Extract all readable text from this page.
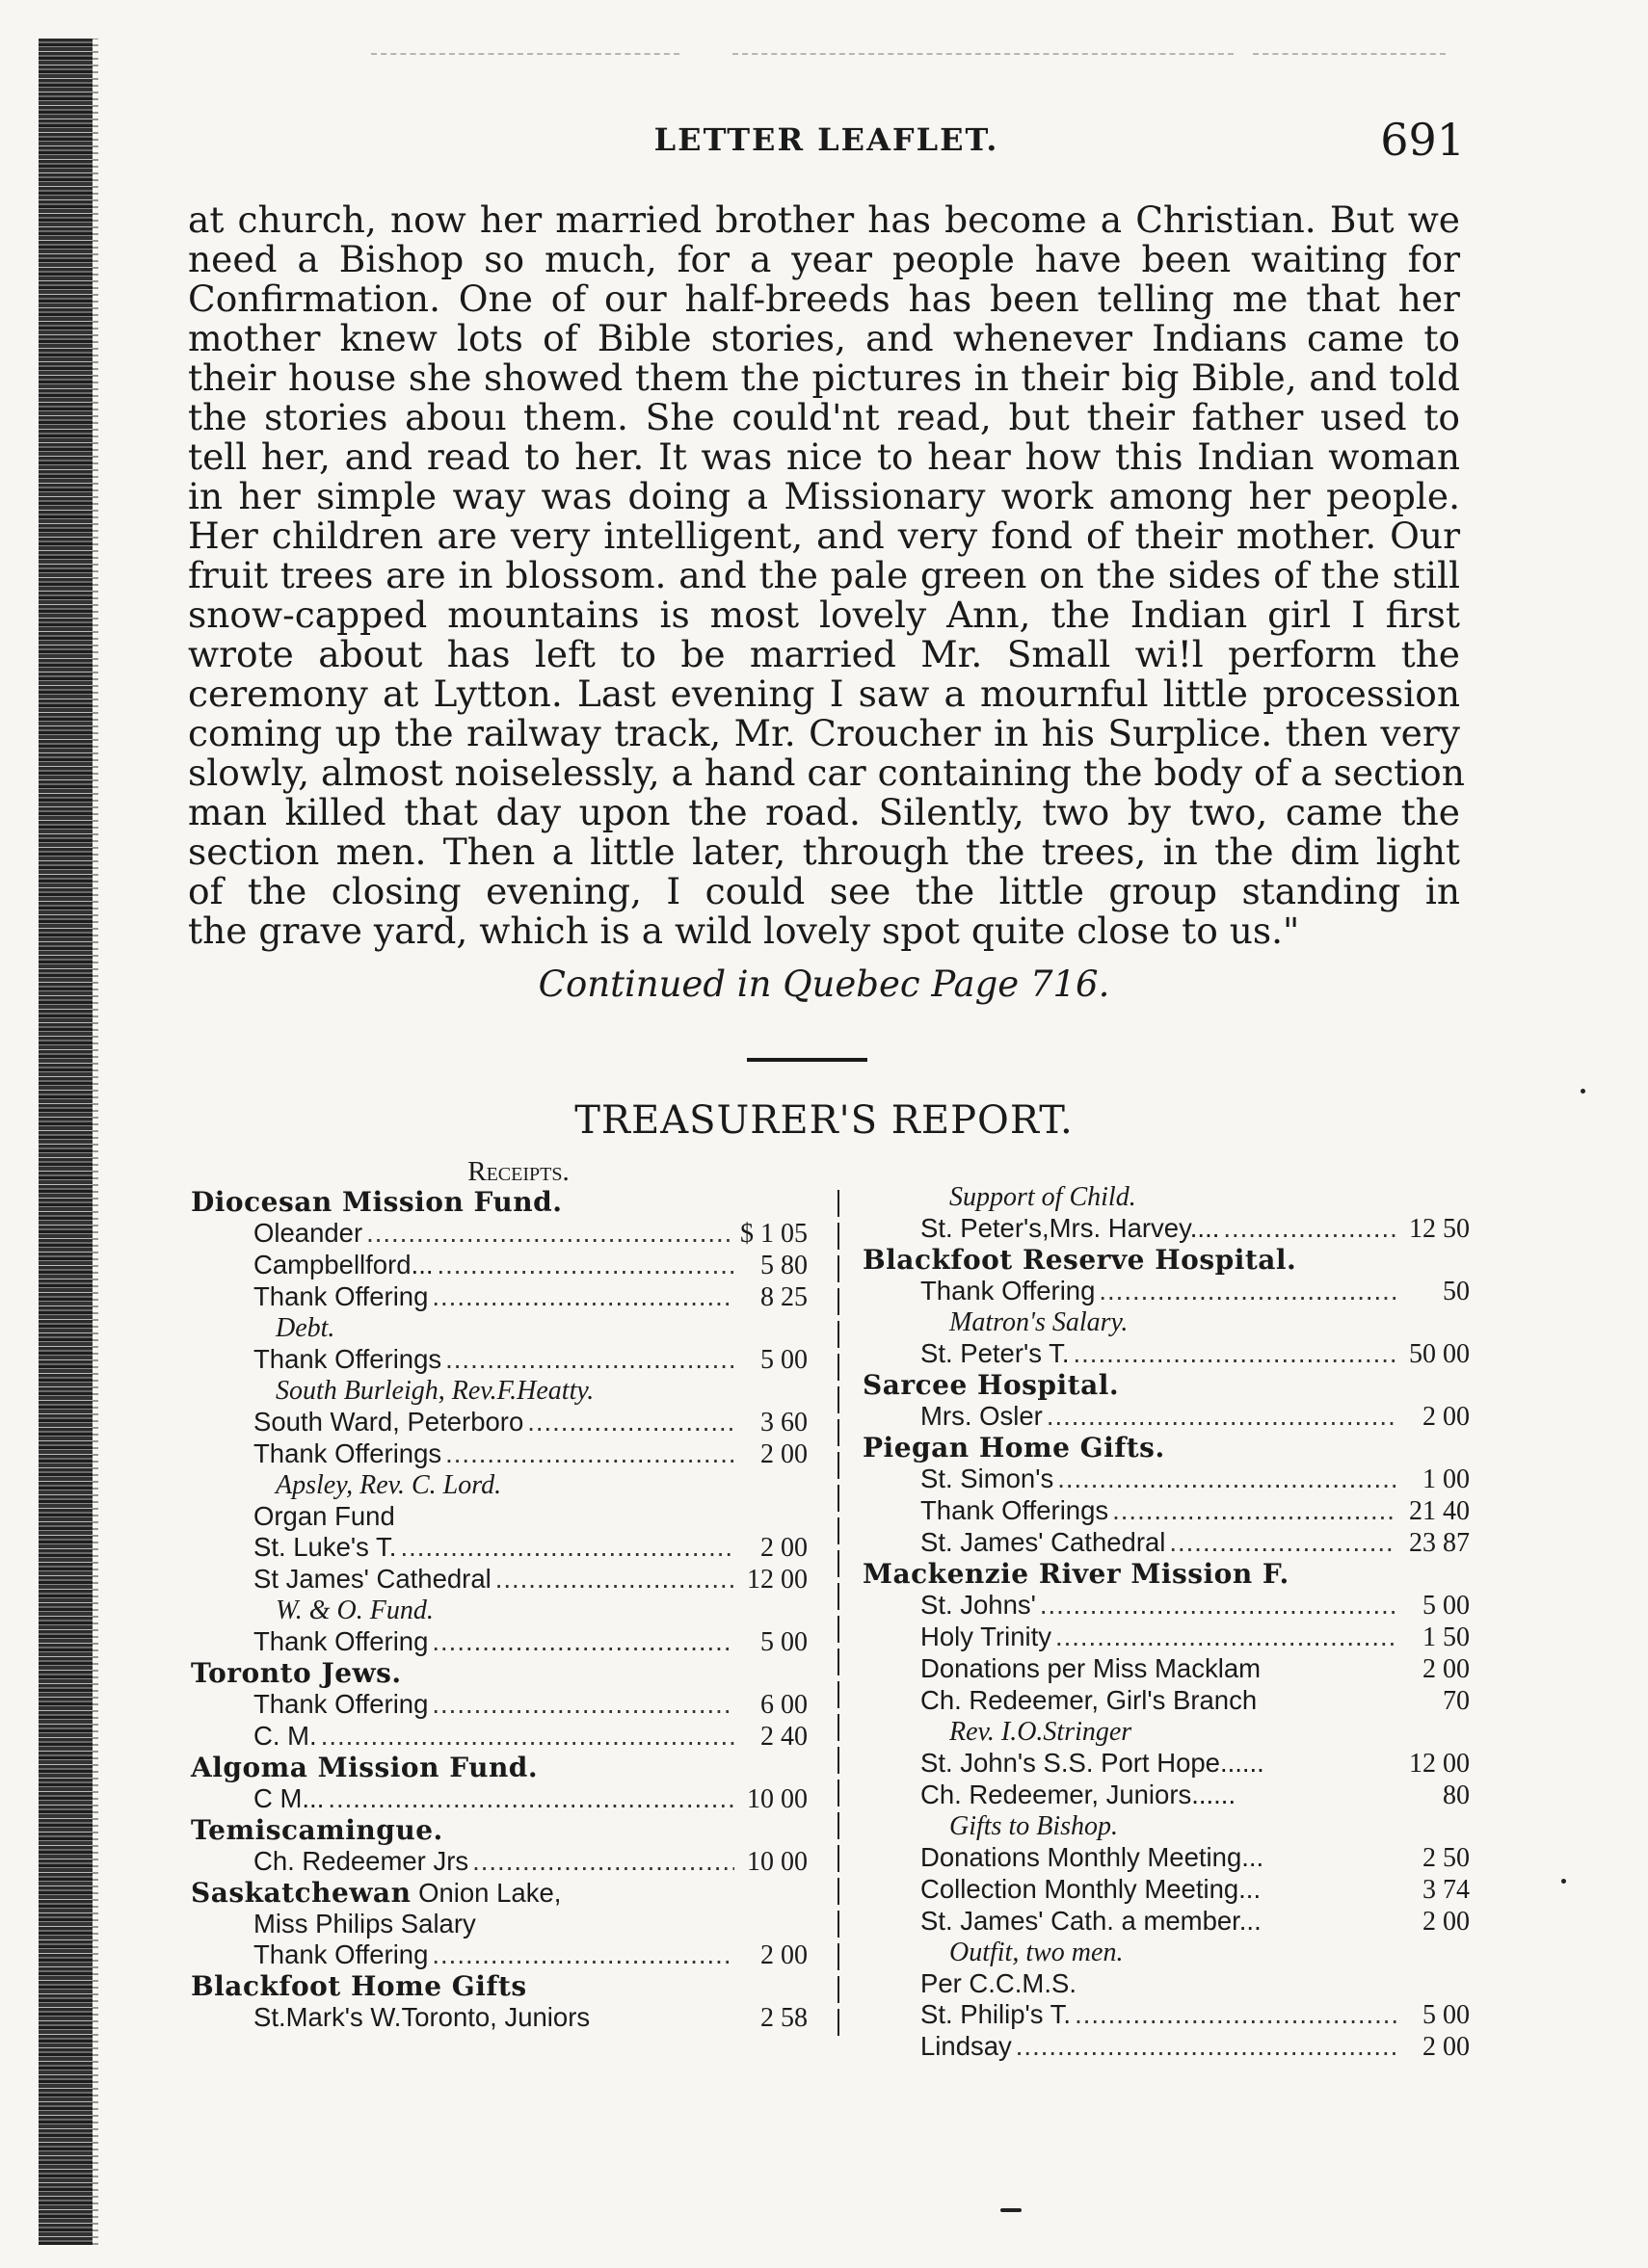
LETTER LEAFLET.	691
at church, now her married brother has become a Christian. But we
need a Bishop so much, for a year people have been waiting for
Confirmation. One of our half-breeds has been telling me that her
mother knew lots of Bible stories, and whenever Indians came to
their house she showed them the pictures in their big Bible, and told
the stories abouı them. She could'nt read, but their father used to
tell her, and read to her. It was nice to hear how this Indian woman
in her simple way was doing a Missionary work among her people.
Her children are very intelligent, and very fond of their mother. Our
fruit trees are in blossom. and the pale green on the sides of the still
snow-capped mountains is most lovely Ann, the Indian girl I first
wrote about has left to be married Mr. Small wi!l perform the
ceremony at Lytton. Last evening I saw a mournful little procession
coming up the railway track, Mr. Croucher in his Surplice. then very
slowly, almost noiselessly, a hand car containing the body of a section
man killed that day upon the road. Silently, two by two, came the
section men. Then a little later, through the trees, in the dim light
of the closing evening, I could see the little group standing in
the grave yard, which is a wild lovely spot quite close to us."
Continued in Quebec Page 716.
TREASURER'S REPORT.
Receipts.
Diocesan Mission Fund.
Oleander .....	$ 1 05
Campbellford... .....	5 80
Thank Offering .....	8 25
Debt.
Thank Offerings .....	5 00
South Burleigh, Rev.F.Heatty.
South Ward, Peterboro .....	3 60
Thank Offerings .....	2 00
Apsley, Rev. C. Lord.
Organ Fund
St. Luke's T. .....	2 00
St James' Cathedral .....	12 00
W. & O. Fund.
Thank Offering .....	5 00
Toronto Jews.
Thank Offering .....	6 00
C. M. .....	2 40
Algoma Mission Fund.
C M... .....	10 00
Temiscamingue.
Ch. Redeemer Jrs .....	10 00
Saskatchewan Onion Lake,
Miss Philips Salary
Thank Offering .....	2 00
Blackfoot Home Gifts
St.Mark's W.Toronto, Juniors	2 58
Support of Child.
St. Peter's,Mrs. Harvey.... .....	12 50
Blackfoot Reserve Hospital.
Thank Offering .....	50
Matron's Salary.
St. Peter's T. .....	50 00
Sarcee Hospital.
Mrs. Osler .....	2 00
Piegan Home Gifts.
St. Simon's .....	1 00
Thank Offerings .....	21 40
St. James' Cathedral .....	23 87
Mackenzie River Mission F.
St. Johns' .....	5 00
Holy Trinity .....	1 50
Donations per Miss Macklam	2 00
Ch. Redeemer, Girl's Branch	70
Rev. I.O.Stringer
St. John's S.S. Port Hope......	12 00
Ch. Redeemer, Juniors......	80
Gifts to Bishop.
Donations Monthly Meeting...	2 50
Collection Monthly Meeting...	3 74
St. James' Cath. a member...	2 00
Outfit, two men.
Per C.C.M.S.
St. Philip's T. .....	5 00
Lindsay .....	2 00
